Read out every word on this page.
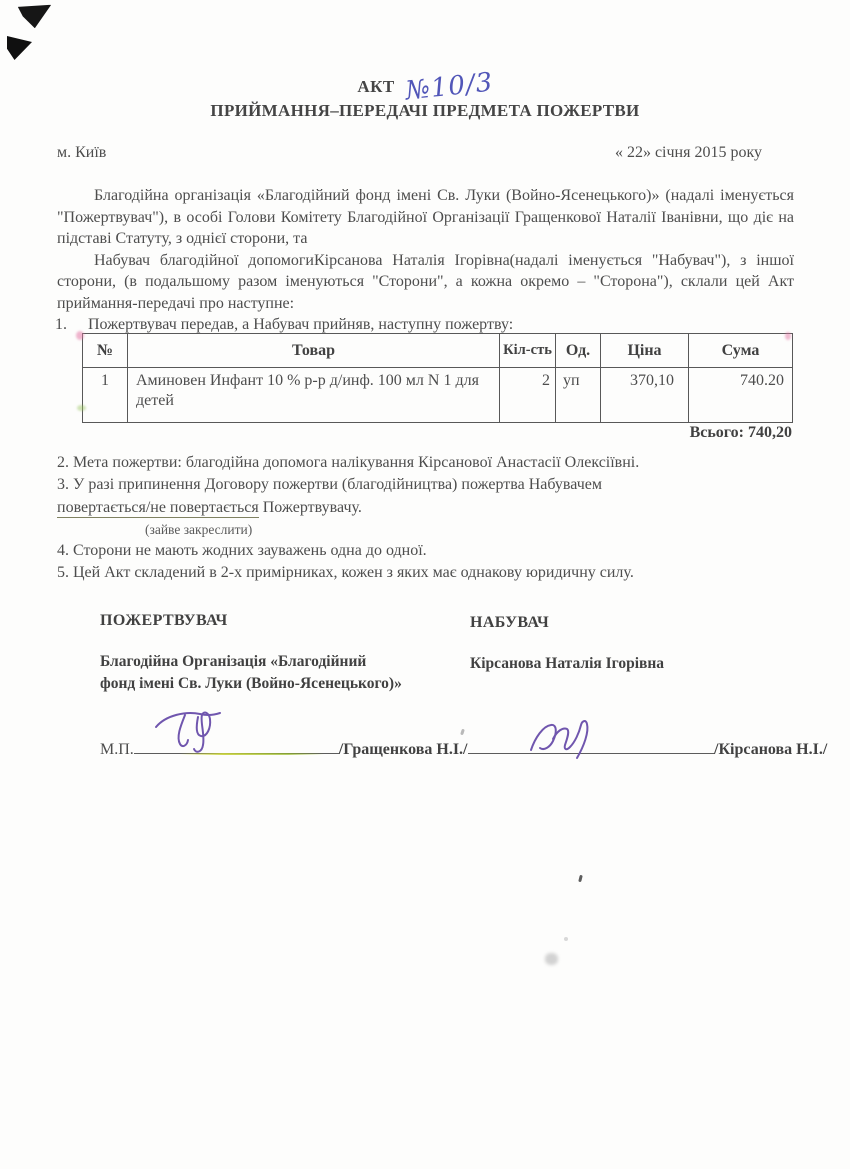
АКТ №10/3
ПРИЙМАННЯ–ПЕРЕДАЧІ ПРЕДМЕТА ПОЖЕРТВИ
м. Київ	« 22» січня 2015 року

Благодійна організація «Благодійний фонд імені Св. Луки (Войно-Ясенецького)» (надалі іменується "Пожертвувач"), в особі Голови Комітету Благодійної Організації Гращенкової Наталії Іванівни, що діє на підставі Статуту, з однієї сторони, та

Набувач благодійної допомогиКірсанова Наталія Ігорівна(надалі іменується "Набувач"), з іншої сторони, (в подальшому разом іменуються "Сторони", а кожна окремо – "Сторона"), склали цей Акт приймання-передачі про наступне:

1. Пожертвувач передав, а Набувач прийняв, наступну пожертву:
№	Товар	Кіл-сть	Од.	Ціна	Сума
1	Аминовен Инфант 10 % р-р д/инф. 100 мл N 1 для детей	2	уп	370,10	740.20
Всього: 740,20
2. Мета пожертви: благодійна допомога налікування Кірсанової Анастасії Олексіївні.
3. У разі припинення Договору пожертви (благодійництва) пожертва Набувачем
повертається/не повертається Пожертвувачу.
(зайве закреслити)
4. Сторони не мають жодних зауважень одна до одної.
5. Цей Акт складений в 2-х примірниках, кожен з яких має однакову юридичну силу.
ПОЖЕРТВУВАЧ
Благодійна Організація «Благодійний
фонд імені Св. Луки (Войно-Ясенецького)»
НАБУВАЧ
Кірсанова Наталія Ігорівна
М.П.	/Гращенкова Н.І./	/Кірсанова Н.І./
